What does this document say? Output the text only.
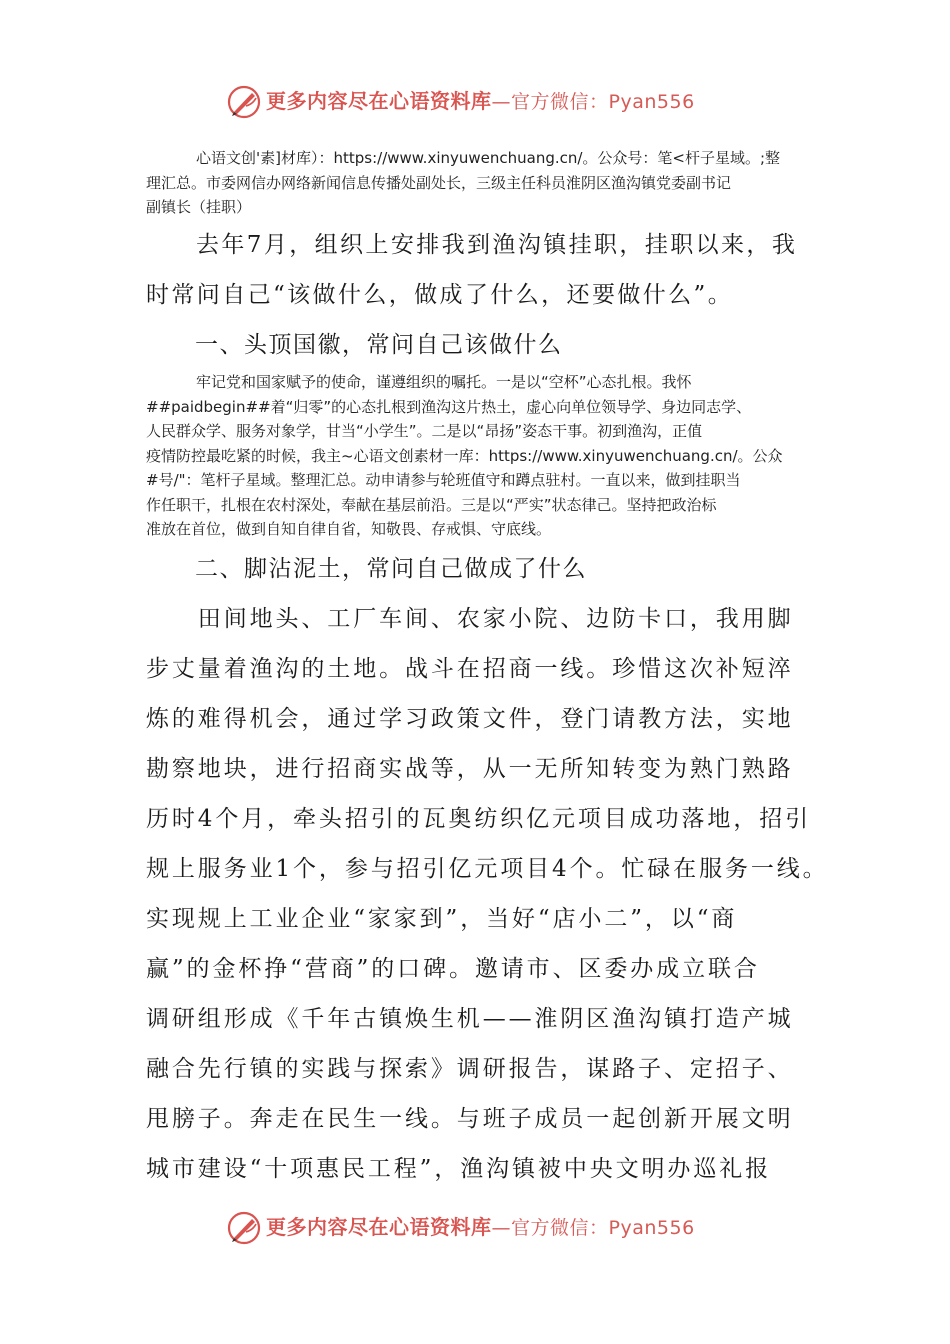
更多内容尽在心语资料库—官方微信：Pyan556

心语文创'素]材库）：https://www.xinyuwenchuang.cn/。公众号：笔<杆子星域。;整

理汇总。市委网信办网络新闻信息传播处副处长，三级主任科员淮阴区渔沟镇党委副书记

副镇长（挂职）

去年7月，组织上安排我到渔沟镇挂职，挂职以来，我

时常问自己“该做什么，做成了什么，还要做什么”。

一、头顶国徽，常问自己该做什么

牢记党和国家赋予的使命，谨遵组织的嘱托。一是以“空杯”心态扎根。我怀

##paidbegin##着“归零”的心态扎根到渔沟这片热土，虚心向单位领导学、身边同志学、

人民群众学、服务对象学，甘当“小学生”。二是以“昂扬”姿态干事。初到渔沟，正值

疫情防控最吃紧的时候，我主~心语文创素材一库：https://www.xinyuwenchuang.cn/。公众

#号/"：笔杆子星域。整理汇总。动申请参与轮班值守和蹲点驻村。一直以来，做到挂职当

作任职干，扎根在农村深处，奉献在基层前沿。三是以“严实”状态律己。坚持把政治标

准放在首位，做到自知自律自省，知敬畏、存戒惧、守底线。

二、脚沾泥土，常问自己做成了什么
　　田间地头、工厂车间、农家小院、边防卡口，我用脚
步丈量着渔沟的土地。战斗在招商一线。珍惜这次补短淬
炼的难得机会，通过学习政策文件，登门请教方法，实地
勘察地块，进行招商实战等，从一无所知转变为熟门熟路
历时4个月，牵头招引的瓦奥纺织亿元项目成功落地，招引
规上服务业1个，参与招引亿元项目4个。忙碌在服务一线。
实现规上工业企业“家家到”，当好“店小二”，以“商
赢”的金杯挣“营商”的口碑。邀请市、区委办成立联合
调研组形成《千年古镇焕生机——淮阴区渔沟镇打造产城
融合先行镇的实践与探索》调研报告，谋路子、定招子、
甩膀子。奔走在民生一线。与班子成员一起创新开展文明
城市建设“十项惠民工程”，渔沟镇被中央文明办巡礼报
更多内容尽在心语资料库—官方微信：Pyan556
